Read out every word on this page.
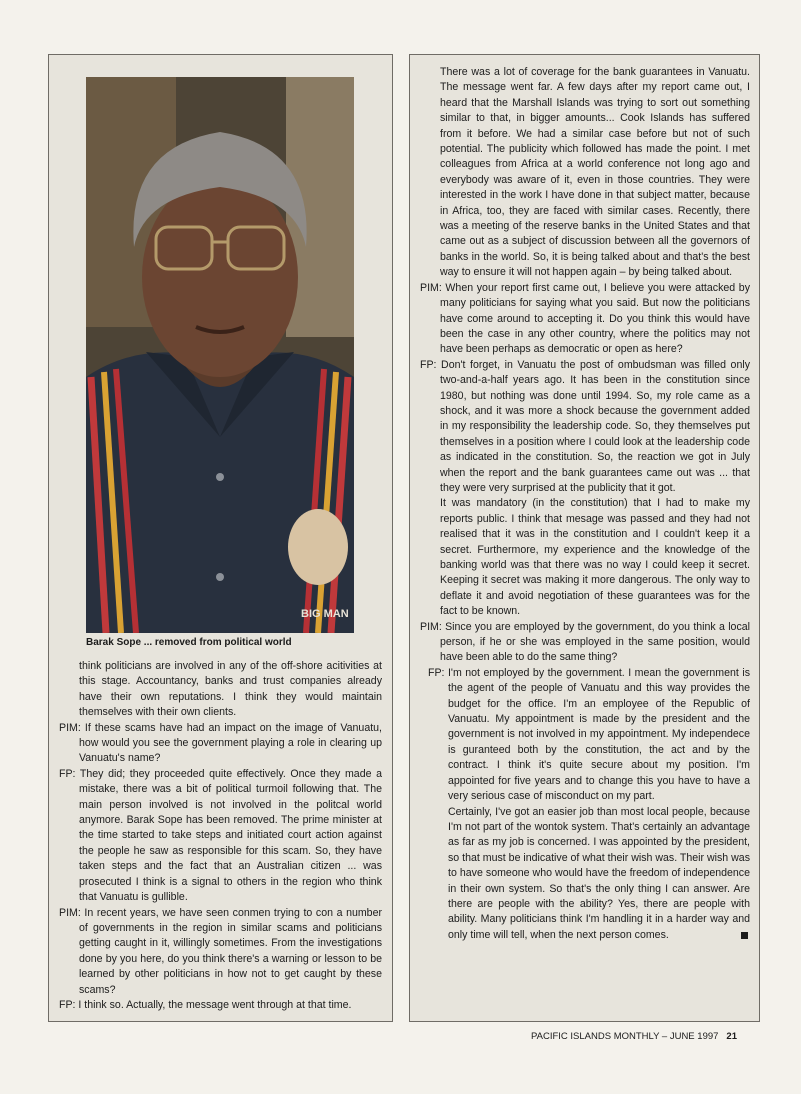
BIG MAN
Barak Sope ... removed from political world

think politicians are involved in any of the off-shore acitivities at this stage. Accountancy, banks and trust companies already have their own reputations. I think they would maintain themselves with their own clients.

PIM: If these scams have had an impact on the image of Vanuatu, how would you see the government playing a role in clearing up Vanuatu's name?

FP: They did; they proceeded quite effectively. Once they made a mistake, there was a bit of political turmoil following that. The main person involved is not involved in the politcal world anymore. Barak Sope has been removed. The prime minister at the time started to take steps and initiated court action against the people he saw as responsible for this scam. So, they have taken steps and the fact that an Australian citizen ... was prosecuted I think is a signal to others in the region who think that Vanuatu is gullible.

PIM: In recent years, we have seen conmen trying to con a number of governments in the region in similar scams and politicians getting caught in it, willingly sometimes. From the investigations done by you here, do you think there's a warning or lesson to be learned by other politicians in how not to get caught by these scams?

FP: I think so. Actually, the message went through at that time.

There was a lot of coverage for the bank guarantees in Vanuatu. The message went far. A few days after my report came out, I heard that the Marshall Islands was trying to sort out something similar to that, in bigger amounts... Cook Islands has suffered from it before. We had a similar case before but not of such potential. The publicity which followed has made the point. I met colleagues from Africa at a world conference not long ago and everybody was aware of it, even in those countries. They were interested in the work I have done in that subject matter, because in Africa, too, they are faced with similar cases. Recently, there was a meeting of the reserve banks in the United States and that came out as a subject of discussion between all the governors of banks in the world. So, it is being talked about and that's the best way to ensure it will not happen again – by being talked about.

PIM: When your report first came out, I believe you were attacked by many politicians for saying what you said. But now the politicians have come around to accepting it. Do you think this would have been the case in any other country, where the politics may not have been perhaps as democratic or open as here?

FP: Don't forget, in Vanuatu the post of ombudsman was filled only two-and-a-half years ago. It has been in the constitution since 1980, but nothing was done until 1994. So, my role came as a shock, and it was more a shock because the government added in my responsibility the leadership code. So, they themselves put themselves in a position where I could look at the leadership code as indicated in the constitution. So, the reaction we got in July when the report and the bank guarantees came out was ... that they were very surprised at the publicity that it got.

It was mandatory (in the constitution) that I had to make my reports public. I think that mesage was passed and they had not realised that it was in the constitution and I couldn't keep it a secret. Furthermore, my experience and the knowledge of the banking world was that there was no way I could keep it secret. Keeping it secret was making it more dangerous. The only way to deflate it and avoid negotiation of these guarantees was for the fact to be known.

PIM: Since you are employed by the government, do you think a local person, if he or she was employed in the same position, would have been able to do the same thing?

FP: I'm not employed by the government. I mean the government is the agent of the people of Vanuatu and this way provides the budget for the office. I'm an employee of the Republic of Vanuatu. My appointment is made by the president and the government is not involved in my appointment. My independece is guranteed both by the constitution, the act and by the contract. I think it's quite secure about my position. I'm appointed for five years and to change this you have to have a very serious case of misconduct on my part.

Certainly, I've got an easier job than most local people, because I'm not part of the wontok system. That's certainly an advantage as far as my job is concerned. I was appointed by the president, so that must be indicative of what their wish was. Their wish was to have someone who would have the freedom of independence in their own system. So that's the only thing I can answer. Are there are people with the ability? Yes, there are people with ability. Many politicians think I'm handling it in a harder way and only time will tell, when the next person comes.

PACIFIC ISLANDS MONTHLY – JUNE 1997 21
